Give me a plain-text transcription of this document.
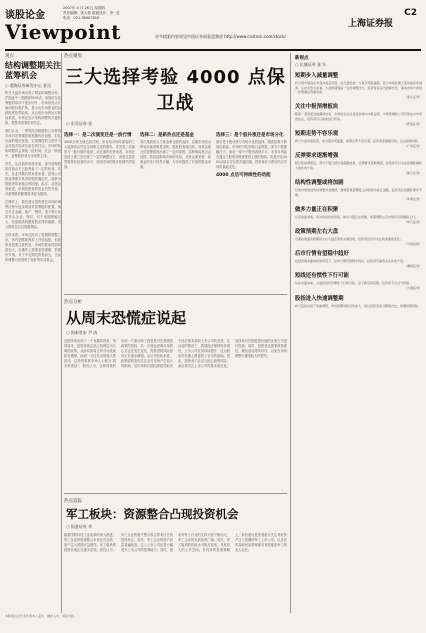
谈股论金
Viewpoint
2007年 4 月 26 日 星期四
责任编辑：张大伟 版面设计：李一红
电话：021-38967818
更多精彩内容请见中国证券网看盘频道 http://www.cnstock.com/stock/
上海证券报
C2
观点
结构调整期关注蓝筹机会
○ 渤海证券研发中心 景岳

昨日大盘市场出现了明显的调整动作，沪指盘中一度跌破3500点，但随后在蓝筹股的带动下逐步回升，市场的热点开始向低价股扩散，显示出市场资金的活跃程度依然较高。从目前市场的运行格局来看，市场正处于结构调整的关键阶段，投资者需要密切关注。

我们认为，一季度经济数据的公布使得市场对宏观调控的预期有所加强，但从目前的情况来看，宏观调控的力度并不会对股市形成实质性的打压。市场的结构调整将会持续一段时间，在这一阶段中，蓝筹股将成为市场的主线。

首先，从估值的角度来看，部分蓝筹股的估值水平已经具备了一定的优势。其次，从业绩增长的角度来看，蓝筹公司的业绩增长具有较强的确定性，能够为投资者带来稳定的回报。再次，从资金面来看，机构投资者的资金仍然充裕，对蓝筹股的配置需求较为强烈。

在操作上，我们建议投资者在市场的调整过程中逐步增加对蓝筹股的配置，重点关注金融、地产、钢铁、电力等行业的龙头企业。同时，对于前期涨幅过大、估值偏高的题材股应保持谨慎，适当降低仓位以规避风险。

总体来看，市场在经历了短期的调整之后，仍有望继续保持上升的趋势，但投资者需要注意的是，市场的波动性将明显加大，在操作上需要更加谨慎，把握好节奏。对于中长期投资者而言，当前的调整为其提供了较好的布局机会。

热点聚焦
三大选择考验 4000 点保卫战
○ 东吴证券 金
选择一：是二次演变还是一波行情

4000点保卫战已经打响，而目前市场所面临的三大选择将会决定这场保卫战的胜负。首先是二次演变与一波行情的选择，从近期的走势来看，市场在连续上涨之后出现了一定的调整压力，但成交量依然维持在较高的水平，说明市场的做多热情仍然较高。

选择二：是新热点还是基金

其次是新热点与基金重仓股的选择，近期市场热点的轮动速度明显加快，题材股表现活跃，而基金重仓的蓝筹股则出现了一定的滞涨，这种格局是否会延续，将直接影响市场的走向。从资金面来看，新基金的发行依然火爆，为市场提供了充裕的资金来源。

选择三：是个股补涨还是市场分化

最后是个股补涨与市场分化的选择，随着指数不断创出新高，市场的分化现象日益明显，部分个股涨幅巨大，而另一部分个股则表现平平。未来市场能否通过个股的补涨来维持上涨的格局，将是决定4000点能否守住的关键因素。投资者应当密切关注市场的量能变化。

4000 点后可持续性的动能
热点分析
从周末恐慌症说起
○ 国泰君安 尹 涛

近期市场出现了一个有趣的现象，每到周末，投资者就会担心管理层出台调控政策，从而导致周五的市场表现较为谨慎，而周一又往往出现较大的波动，这种现象被市场人士称为"周末恐慌症"。我们认为，这种现象的出现一方面反映了投资者对宏观调控政策的担忧，另一方面也说明市场的心态正在发生变化，投资者的风险意识正在逐步增强。从历史经验来看，政策面的变化往往会对市场产生较大的影响，但市场的长期趋势依然取决于经济基本面和上市公司的业绩。在目前的情况下，我国经济保持较快增长，上市公司业绩持续提升，这为股市的长期上涨提供了坚实的基础。因此，投资者不必过分担心政策风险，而应该关注上市公司的基本面变化，选择具有长期投资价值的优质公司进行投资。同时，投资者也需要保持理性，避免盲目跟风炒作，以免在市场调整中遭受较大的损失。

热点追踪
军工板块：资源整合凸现投资机会
○ 国金证券 李

随着国防科技工业改革的深入推进，军工企业的资源整合步伐正在加快，资产注入预期日益强烈，军工板块的投资价值正在逐步显现。我们认为，军工企业的资产整合将会带来巨大的投资机会。首先，军工企业的资产质量普遍较高，注入上市公司后将大幅提升上市公司的盈利能力；其次，国家对军工行业的支持力度不断加大，军工企业的发展前景广阔；再次，军工板块的估值水平相对较低，具有较大的上升空间。在具体的投资策略上，我们建议投资者重点关注具有资产注入预期的军工上市公司，以及在军品和民品领域都具有较强竞争力的龙头企业。

新视点
○ 长城证券 张 军
短期步入减量调整

昨日两市股指在早盘冲高后回落，成交量较前一交易日明显萎缩，显示市场短期上涨动能有所减弱。从技术形态来看，大盘短期面临一定的调整压力，投资者应适当控制仓位，等待市场方向进一步明确后再做决策。

（金元证券）
关注中报预增板块

随着一季度报告披露的结束，市场的关注点将逐步转向中报业绩，中报预增的公司有望成为市场的热点，投资者可以提前进行布局。

（西南证券）
短期走势不容乐观

昨日大盘冲高回落，成交量有所萎缩，短期走势不容乐观，投资者需谨慎对待，注意控制风险。

（广州证券）
反弹要求逐渐增强

经过连续调整后，部分个股已经出现超跌迹象，反弹要求逐渐增强，投资者可以关注前期跌幅较大的优质个股。

（国元证券）
结构性调整或将加剧

目前市场的结构性调整仍在继续，题材股和蓝筹股之间的轮动将会加剧，投资者应把握好操作节奏。

（华泰证券）
做多力量正在积聚

从资金面来看，场外资金依然充裕，做多力量正在积聚，短期调整之后市场仍有望继续上行。

（申万证券）
政策预期左右大盘

近期政策面的预期是左右大盘走势的关键因素，投资者应密切关注政策面的变化。

（天相投资）
后市行情有望稳中趋好

在经济基本面向好的背景下，后市行情有望稳中趋好，投资者可逢低关注优质个股。

（湘财证券）
短线还有惯性下行可能

从技术面来看，大盘短线仍有惯性下行的可能，但下跌空间有限，投资者不必过分恐慌。

（大通证券）
股指进入快速调整期

昨日股指出现了快速调整，市场短期风险有所加大，建议投资者适当降低仓位，规避短期风险。

本版观点仅代表作者本人意见，据此入市，风险自担。
